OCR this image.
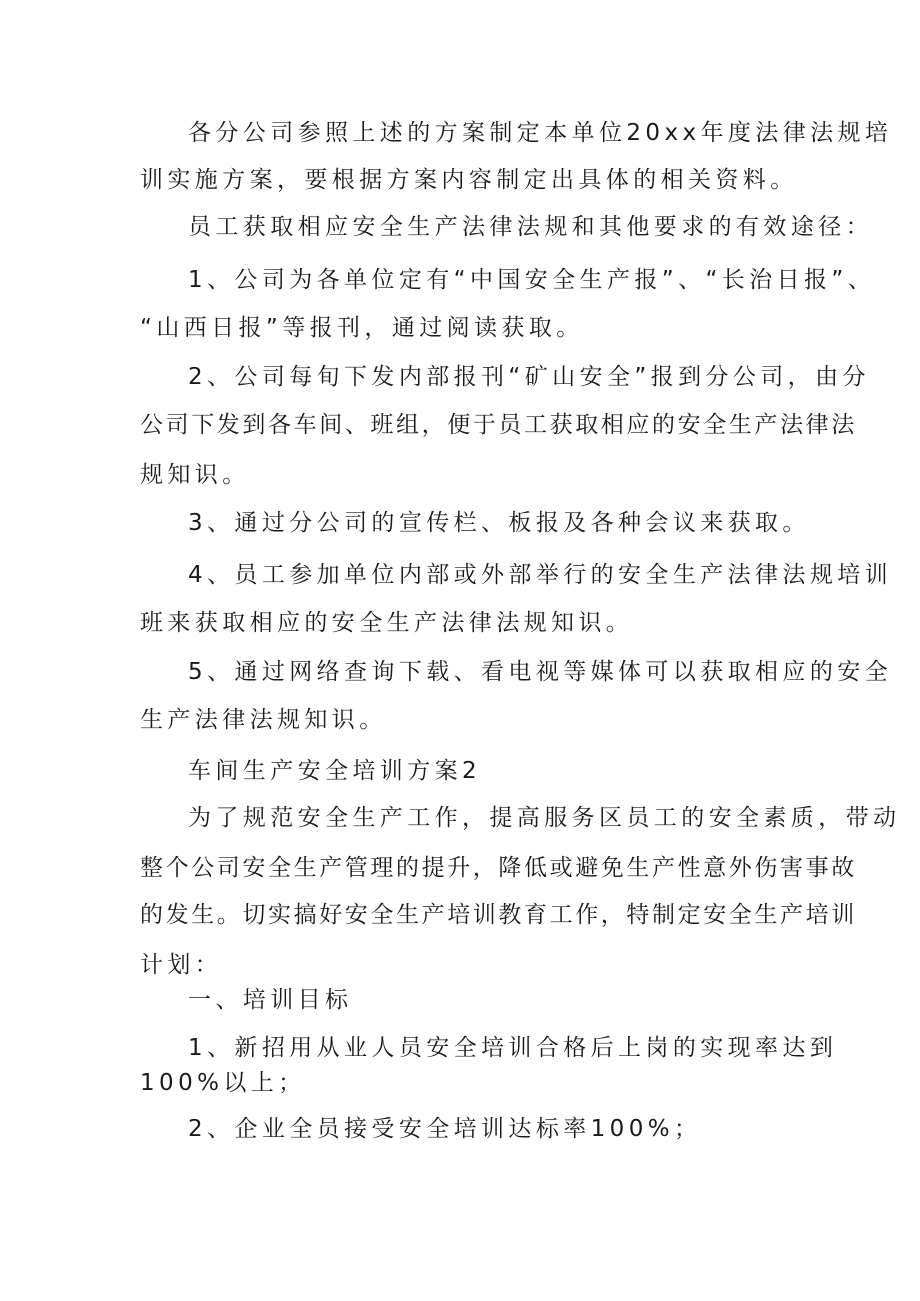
各分公司参照上述的方案制定本单位20xx年度法律法规培
训实施方案，要根据方案内容制定出具体的相关资料。
员工获取相应安全生产法律法规和其他要求的有效途径：
1、公司为各单位定有“中国安全生产报”、“长治日报”、
“山西日报”等报刊，通过阅读获取。
2、公司每旬下发内部报刊“矿山安全”报到分公司，由分
公司下发到各车间、班组，便于员工获取相应的安全生产法律法
规知识。
3、通过分公司的宣传栏、板报及各种会议来获取。
4、员工参加单位内部或外部举行的安全生产法律法规培训
班来获取相应的安全生产法律法规知识。
5、通过网络查询下载、看电视等媒体可以获取相应的安全
生产法律法规知识。
车间生产安全培训方案2
为了规范安全生产工作，提高服务区员工的安全素质，带动
整个公司安全生产管理的提升，降低或避免生产性意外伤害事故
的发生。切实搞好安全生产培训教育工作，特制定安全生产培训
计划：
一、培训目标
1、新招用从业人员安全培训合格后上岗的实现率达到
100%以上；
2、企业全员接受安全培训达标率100%；
